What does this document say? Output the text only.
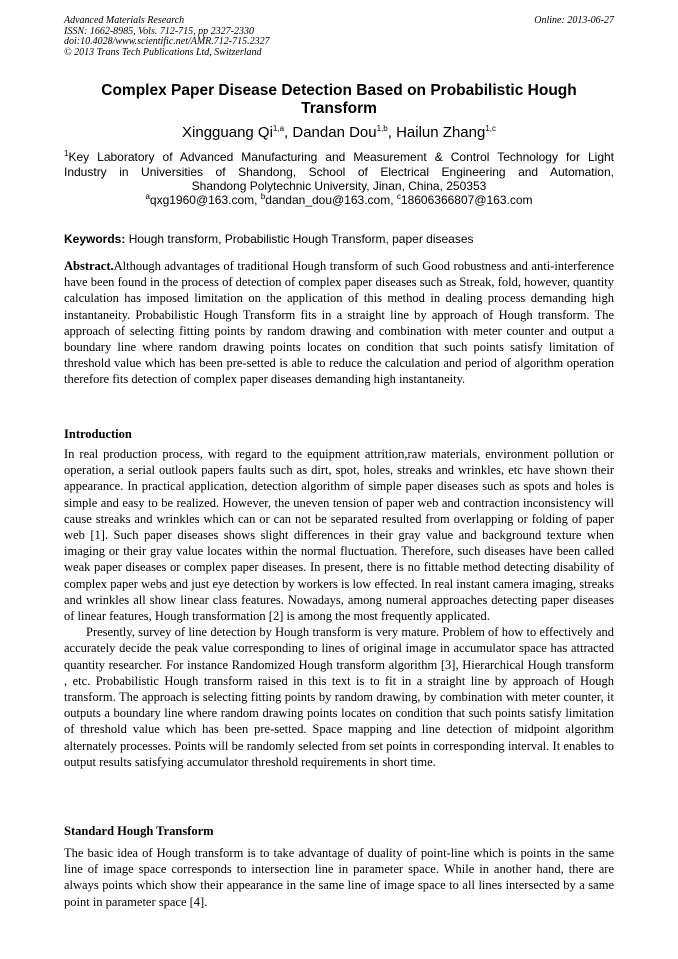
Advanced Materials Research
ISSN: 1662-8985, Vols. 712-715, pp 2327-2330
doi:10.4028/www.scientific.net/AMR.712-715.2327
© 2013 Trans Tech Publications Ltd, Switzerland
Online: 2013-06-27
Complex Paper Disease Detection Based on Probabilistic Hough Transform
Xingguang Qi$^{1,a}$, Dandan Dou$^{1,b}$, Hailun Zhang$^{1,c}$

$^1$Key Laboratory of Advanced Manufacturing and Measurement & Control Technology for Light

Industry in Universities of Shandong, School of Electrical Engineering and Automation,

Shandong Polytechnic University, Jinan, China, 250353

$^a$qxg1960@163.com, $^b$dandan_dou@163.com, $^c$18606366807@163.com
Keywords: Hough transform, Probabilistic Hough Transform, paper diseases

Abstract.Although advantages of traditional Hough transform of such Good robustness and anti-interference have been found in the process of detection of complex paper diseases such as Streak, fold, however, quantity calculation has imposed limitation on the application of this method in dealing process demanding high instantaneity. Probabilistic Hough Transform fits in a straight line by approach of Hough transform. The approach of selecting fitting points by random drawing and combination with meter counter and output a boundary line where random drawing points locates on condition that such points satisfy limitation of threshold value which has been pre-setted is able to reduce the calculation and period of algorithm operation therefore fits detection of complex paper diseases demanding high instantaneity.

Introduction

In real production process, with regard to the equipment attrition,raw materials, environment pollution or operation, a serial outlook papers faults such as dirt, spot, holes, streaks and wrinkles, etc have shown their appearance. In practical application, detection algorithm of simple paper diseases such as spots and holes is simple and easy to be realized. However, the uneven tension of paper web and contraction inconsistency will cause streaks and wrinkles which can or can not be separated resulted from overlapping or folding of paper web [1]. Such paper diseases shows slight differences in their gray value and background texture when imaging or their gray value locates within the normal fluctuation. Therefore, such diseases have been called weak paper diseases or complex paper diseases. In present, there is no fittable method detecting disability of complex paper webs and just eye detection by workers is low effected. In real instant camera imaging, streaks and wrinkles all show linear class features. Nowadays, among numeral approaches detecting paper diseases of linear features, Hough transformation [2] is among the most frequently applicated.

Presently, survey of line detection by Hough transform is very mature. Problem of how to effectively and accurately decide the peak value corresponding to lines of original image in accumulator space has attracted quantity researcher. For instance Randomized Hough transform algorithm [3], Hierarchical Hough transform , etc. Probabilistic Hough transform raised in this text is to fit in a straight line by approach of Hough transform. The approach is selecting fitting points by random drawing, by combination with meter counter, it outputs a boundary line where random drawing points locates on condition that such points satisfy limitation of threshold value which has been pre-setted. Space mapping and line detection of midpoint algorithm alternately processes. Points will be randomly selected from set points in corresponding interval. It enables to output results satisfying accumulator threshold requirements in short time.

Standard Hough Transform

The basic idea of Hough transform is to take advantage of duality of point-line which is points in the same line of image space corresponds to intersection line in parameter space. While in another hand, there are always points which show their appearance in the same line of image space to all lines intersected by a same point in parameter space [4].
